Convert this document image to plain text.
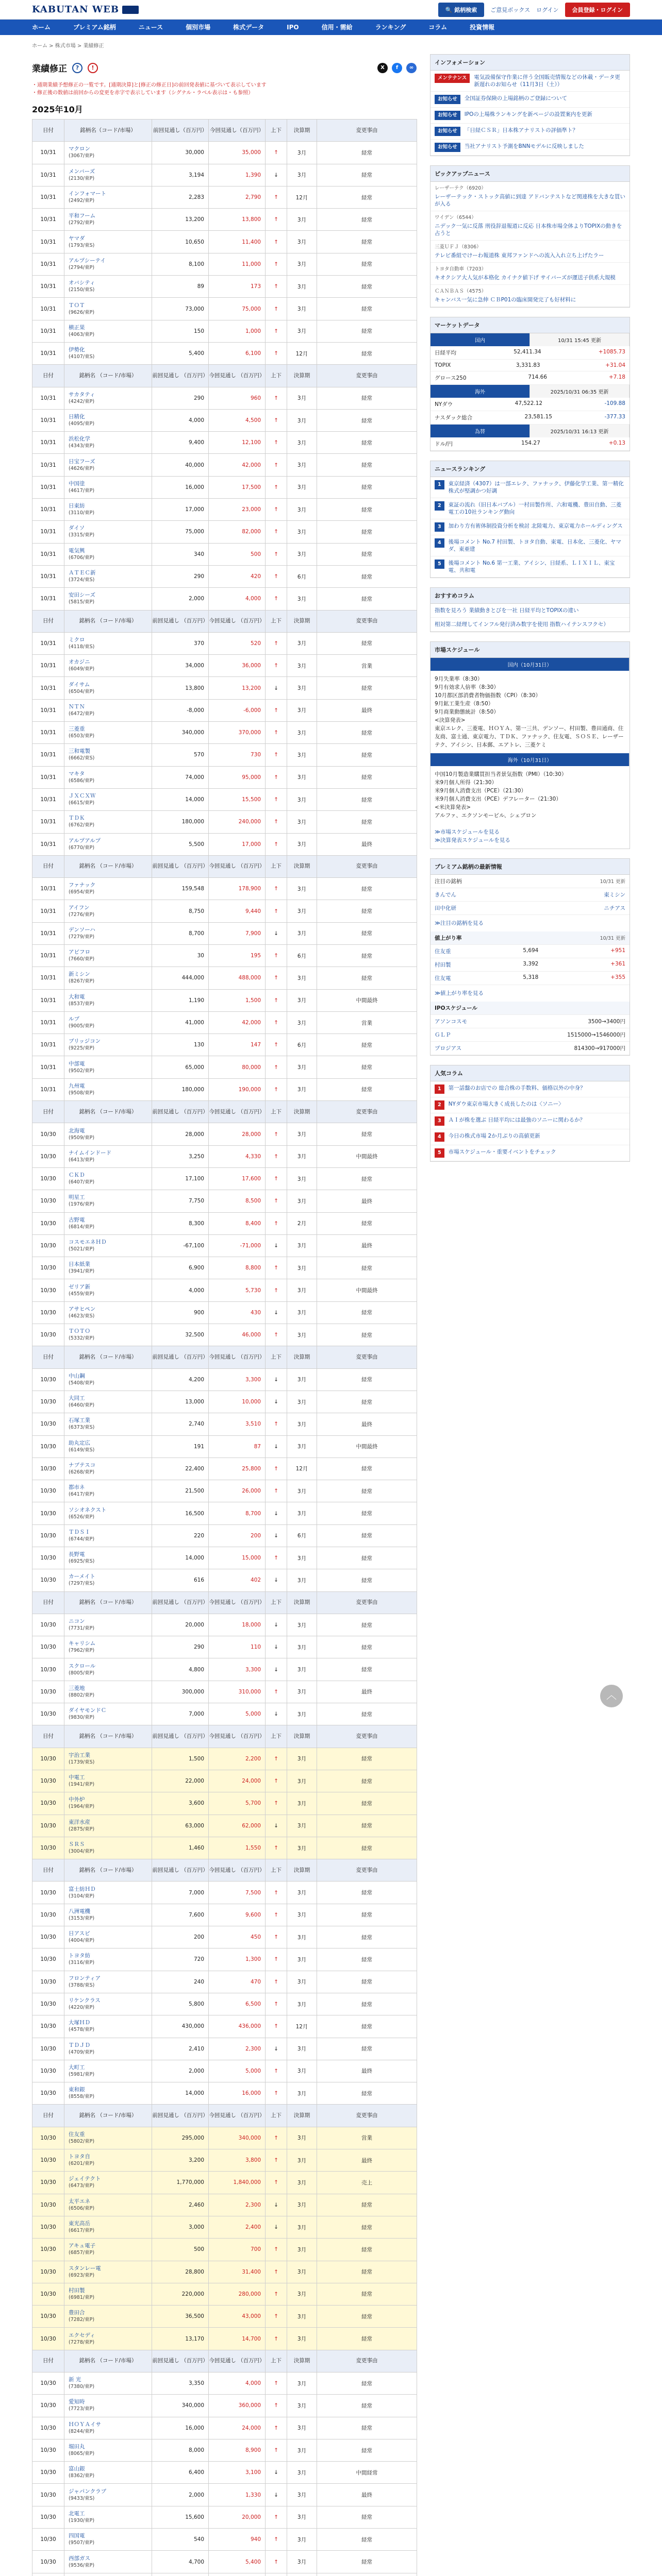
KABUTAN WEB	🔍 銘柄検索	ご意見ボックス ログイン	会員登録・ログイン
ホーム	プレミアム銘柄	ニュース	個別市場	株式データ	IPO	信用・需給	ランキング	コラム	投資情報
ホーム > 株式市場 > 業績修正
業績修正	?	!	X	f	∞
・通期業績予想修正の一覧です。[通期決算]と[修正の修正日]の前回発表値に基づいて表示しています
・修正後の数値は前回からの変更を赤字で表示しています（シグナル・ラベル表示は・も参照）
2025年10月
日付	銘柄名（コード/市場）	前回見通し（百万円）	今回見通し（百万円）	上下	決算期	変更事由
10/31	マクロン
(3067/東P)	30,000	35,000	↑	3月	経常
10/31	メンバーズ
(2130/東P)	3,194	1,390	↓	3月	経常
10/31	インフォマート
(2492/東P)	2,283	2,790	↑	12月	経常
10/31	平和フーム
(2792/東P)	13,200	13,800	↑	3月	経常
10/31	ヤマダ
(1793/東S)	10,650	11,400	↑	3月	経常
10/31	アルプシーテイ
(2794/東P)	8,100	11,000	↑	3月	経常
10/31	オバシティ
(2150/東S)	89	173	↑	3月	経常
10/31	ＴＯＴ
(9626/東P)	73,000	75,000	↑	3月	経常
10/31	横正果
(4063/東P)	150	1,000	↑	3月	経常
10/31	伊勢化
(4107/東S)	5,400	6,100	↑	12月	経常
日付	銘柄名 （コード/市場）	前回見通し （百万円）	今回見通し （百万円）	上下	決算期	変更事由
10/31	サカタティ
(4242/東P)	290	960	↑	3月	経常
10/31	日精化
(4095/東P)	4,000	4,500	↑	3月	経常
10/31	浜松化学
(4343/東P)	9,400	12,100	↑	3月	経常
10/31	日宝フーズ
(4626/東P)	40,000	42,000	↑	3月	経常
10/31	中国塗
(4617/東P)	16,000	17,500	↑	3月	経常
10/31	日東紡
(3110/東P)	17,000	23,000	↑	3月	経常
10/31	ダイソ
(3315/東P)	75,000	82,000	↑	3月	経常
10/31	電気興
(6706/東P)	340	500	↑	3月	経常
10/31	ＡＴＥＣ新
(3724/東S)	290	420	↑	6月	経常
10/31	安田シーズ
(5815/東P)	2,000	4,000	↑	3月	経常
日付	銘柄名 （コード/市場）	前回見通し （百万円）	今回見通し （百万円）	上下	決算期	変更事由
10/31	ミクロ
(4118/東S)	370	520	↑	3月	経常
10/31	オカジニ
(6049/東P)	34,000	36,000	↑	3月	営業
10/31	ダイサム
(6504/東P)	13,800	13,200	↓	3月	経常
10/31	ＮＴＮ
(6472/東P)	-8,000	-6,000	↑	3月	最終
10/31	三菱重
(6503/東P)	340,000	370,000	↑	3月	経常
10/31	三和電製
(6662/東S)	570	730	↑	3月	経常
10/31	マキタ
(6586/東P)	74,000	95,000	↑	3月	経常
10/31	ＪＸＣＸＷ
(6615/東P)	14,000	15,500	↑	3月	経常
10/31	ＴＤＫ
(6762/東P)	180,000	240,000	↑	3月	経常
10/31	アルプアルプ
(6770/東P)	5,500	17,000	↑	3月	最終
日付	銘柄名 （コード/市場）	前回見通し （百万円）	今回見通し （百万円）	上下	決算期	変更事由
10/31	ファナック
(6954/東P)	159,548	178,900	↑	3月	経常
10/31	アイフン
(7276/東P)	8,750	9,440	↑	3月	経常
10/31	デンソーハ
(7279/東P)	8,700	7,900	↓	3月	経常
10/31	アビフロ
(7660/東P)	30	195	↑	6月	経常
10/31	新ミシン
(8267/東P)	444,000	488,000	↑	3月	経常
10/31	大和電
(8537/東P)	1,190	1,500	↑	3月	中間最終
10/31	ルブ
(9005/東P)	41,000	42,000	↑	3月	営業
10/31	ブリッジコン
(9225/東P)	130	147	↑	6月	経常
10/31	中部電
(9502/東P)	65,000	80,000	↑	3月	経常
10/31	九州電
(9508/東P)	180,000	190,000	↑	3月	経常
日付	銘柄名 （コード/市場）	前回見通し （百万円）	今回見通し （百万円）	上下	決算期	変更事由
10/30	北海電
(9509/東P)	28,000	28,000	↑	3月	経常
10/30	ナイムインドード
(6413/東P)	3,250	4,330	↑	3月	中間最終
10/30	ＣＫＤ
(6407/東P)	17,100	17,600	↑	3月	経常
10/30	明星工
(1976/東P)	7,750	8,500	↑	3月	最終
10/30	古野電
(6814/東P)	8,300	8,400	↑	2月	経常
10/30	コスモエネＨＤ
(5021/東P)	-67,100	-71,000	↓	3月	最終
10/30	日本紙業
(3941/東P)	6,900	8,800	↑	3月	経常
10/30	ゼリア新
(4559/東P)	4,000	5,730	↑	3月	中間最終
10/30	アサヒペン
(4623/東S)	900	430	↓	3月	経常
10/30	ＴＯＴＯ
(5332/東P)	32,500	46,000	↑	3月	経常
日付	銘柄名 （コード/市場）	前回見通し （百万円）	今回見通し （百万円）	上下	決算期	変更事由
10/30	中山鋼
(5408/東P)	4,200	3,300	↓	3月	経常
10/30	大同工
(6460/東P)	13,000	10,000	↓	3月	経常
10/30	石塚工業
(6373/東S)	2,740	3,510	↑	3月	最終
10/30	助丸定広
(6149/東S)	191	87	↓	3月	中間最終
10/30	ナブテスコ
(6268/東P)	22,400	25,800	↑	12月	経常
10/30	都市ネ
(6417/東P)	21,500	26,000	↑	3月	経常
10/30	ソシオネクスト
(6526/東P)	16,500	8,700	↓	3月	経常
10/30	ＴＤＳＩ
(6744/東P)	220	200	↓	6月	経常
10/30	長野電
(6925/東S)	14,000	15,000	↑	3月	経常
10/30	カーメイト
(7297/東S)	616	402	↓	3月	経常
日付	銘柄名 （コード/市場）	前回見通し （百万円）	今回見通し （百万円）	上下	決算期	変更事由
10/30	ニコン
(7731/東P)	20,000	18,000	↓	3月	経常
10/30	キャリシム
(7962/東P)	290	110	↓	3月	経常
10/30	スクロール
(8005/東P)	4,800	3,300	↓	3月	経常
10/30	三菱地
(8802/東P)	300,000	310,000	↑	3月	最終
10/30	ダイヤモンドＣ
(9830/東P)	7,000	5,000	↓	3月	経常
日付	銘柄名 （コード/市場）	前回見通し （百万円）	今回見通し （百万円）	上下	決算期	変更事由
10/30	宇治工業
(1739/東S)	1,500	2,200	↑	3月	経常
10/30	中電工
(1941/東P)	22,000	24,000	↑	3月	経常
10/30	中外炉
(1964/東P)	3,600	5,700	↑	3月	経常
10/30	東洋水産
(2875/東P)	63,000	62,000	↓	3月	経常
10/30	ＳＲＳ
(3004/東P)	1,460	1,550	↑	3月	経常
日付	銘柄名 （コード/市場）	前回見通し （百万円）	今回見通し （百万円）	上下	決算期	変更事由
10/30	富士紡ＨＤ
(3104/東P)	7,000	7,500	↑	3月	経常
10/30	八洲電機
(3153/東P)	7,600	9,600	↑	3月	経常
10/30	日アスピ
(4004/東P)	200	450	↑	3月	経常
10/30	トヨタ紡
(3116/東P)	720	1,300	↑	3月	経常
10/30	フロンティア
(3788/東S)	240	470	↑	3月	経常
10/30	リケンクラス
(4220/東P)	5,800	6,500	↑	3月	経常
10/30	大塚ＨＤ
(4578/東P)	430,000	436,000	↑	12月	経常
10/30	ＴＤＪＤ
(4709/東P)	2,410	2,300	↓	3月	経常
10/30	大町工
(5981/東P)	2,000	5,000	↑	3月	最終
10/30	東和銀
(8558/東P)	14,000	16,000	↑	3月	経常
日付	銘柄名 （コード/市場）	前回見通し （百万円）	今回見通し （百万円）	上下	決算期	変更事由
10/30	住友重
(5802/東P)	295,000	340,000	↑	3月	営業
10/30	トヨタ自
(6201/東P)	3,200	3,800	↑	3月	最終
10/30	ジェイテクト
(6473/東P)	1,770,000	1,840,000	↑	3月	売上
10/30	太平エネ
(6506/東P)	2,460	2,300	↓	3月	経常
10/30	東光高岳
(6617/東P)	3,000	2,400	↓	3月	経常
10/30	アキュ電子
(6857/東P)	500	700	↑	3月	経常
10/30	スタンレー電
(6923/東P)	28,800	31,400	↑	3月	経常
10/30	村田製
(6981/東P)	220,000	280,000	↑	3月	経常
10/30	豊田合
(7282/東P)	36,500	43,000	↑	3月	経常
10/30	エクセディ
(7278/東P)	13,170	14,700	↑	3月	経常
日付	銘柄名 （コード/市場）	前回見通し （百万円）	今回見通し （百万円）	上下	決算期	変更事由
10/30	新 光
(7380/東P)	3,350	4,000	↑	3月	経常
10/30	愛知時
(7723/東P)	340,000	360,000	↑	3月	経常
10/30	ＨＯＹＡイサ
(8244/東P)	16,000	24,000	↑	3月	経常
10/30	堀田丸
(8065/東P)	8,000	8,900	↑	3月	経常
10/30	富山銀
(8362/東P)	6,400	3,100	↓	3月	中間経常
10/30	ジャパンクラブ
(9433/東S)	2,000	1,330	↓	3月	最終
10/30	北電工
(1930/東P)	15,600	20,000	↑	3月	経常
10/30	四国電
(9507/東P)	540	940	↑	3月	経常
10/30	西部ガス
(9536/東P)	4,700	5,400	↑	3月	経常

インフォメーション
メンテナンス	電気設備保守作業に伴う全国販売情報などの休載・データ更新遅れのお知らせ（11月3日（土））
お知らせ	全国証券保険の上場銘柄のご登録について
お知らせ	IPOの上場株ランキングを新ページの設置案内を更新
お知らせ	「日経ＣＳＲ」日本株アナリストの評価準ト？
お知らせ	当社アナリスト予測をBNNモデルに反映しました
ピックアップニュース
レーザーテク（6920）
レーザーテック・ストック高値に到達 アドバンテストなど関連株を大きな買いが入る
ワイデン（6544）
ニデック一気に反落 刑役辞退報道に反応 日本株市場全体よりTOPIXの動きを占うと
三菱ＵＦＪ（8306）
テレビ番組でけーわ報道株 東邦ファンドへの流入入れ立ち上げたラー
トヨタ自動車（7203）
キオクシア大人気が本格化 カイナク値下げ サイバーズが運送子供系大規模
ＣＡＮＢＡＳ（4575）
キャンバス一気に急伸 ＣＢP01の臨床開発完了も好材料に
マーケットデータ
国内	10/31 15:45 更新
日経平均	52,411.34	+1085.73
TOPIX	3,331.83	+31.04
グロース250	714.66	+7.18
海外	2025/10/31 06:35 更新
NYダウ	47,522.12	-109.88
ナスダック総合	23,581.15	-377.33
為替	2025/10/31 16:13 更新
ドル/円	154.27	+0.13
ニュースランキング
1	東京経済（4307）は一部エレク、ファナック、伊藤化学工業、第一精化株式が堅調かつ好調
2	東証の流れ（旧日本バブル）一村田製作所、六和電機、豊田自動、三菱電工の10社ランキング動向
3	加わり方有術体制投資分析を検討 北陸電力、東京電力ホールディングス
4	後場コメント No.7 村田製、トヨタ自動、東電、日本化、三菱化、ヤマダ、東亜建
5	後場コメント No.6 第一工業、アイシン、日経系、ＬＩＸＩＬ、東宝電、共和電
おすすめコラム
指数を見ろう 業績動きとびを一社 日経平均とTOPIXの違い
相対第二経理してインフル発行済み数字を使用 指数ハイテンスフクセ）
市場スケジュール
国内（10月31日）
9月失業率（8:30）
9月有効求人倍率（8:30）
10月都区部消費者物価指数（CPI）（8:30）
9月鉱工業生産（8:50）
9月商業動態統計（8:50）
<決算発表>
東京エレク、三菱電、ＨＯＹＡ、第一三共、デンソー、村田製、豊田通商、住友商、富士通、東京電力、ＴＤＫ、ファナック、住友電、ＳＯＳＥ、レーザーテク、アイシン、日本郵、エアトレ、三菱ケミ
海外（10月31日）
中国10月製造業購買担当者景気指数（PMI）（10:30）
米9月個人所得（21:30）
米9月個人消費支出（PCE）（21:30）
米9月個人消費支出（PCE）デフレーター（21:30）
<米決算発表>
アルファ、エクソンモービル、シェブロン
≫市場スケジュールを見る
≫決算発表スケジュールを見る
プレミアム銘柄の最新情報
注目の銘柄	10/31 更新
きんでん	東ミシン
田中化研	ニチアス
≫注目の銘柄を見る
値上がり率	10/31 更新
住友重	5,694	+951
村田製	3,392	+361
住友電	5,318	+355
≫値上がり率を見る
IPOスケジュール
アソンコスモ	3500→3400円
ＧＬＰ	1515000→1546000円
プロジアス	814300→917000円
人気コラム
1	第一話盤のお店での 総合株の手数料、価格以外の中身？
2	NYダウ東京市場大きく成長したのは〈ソニー〉
3	ＡＩが株を選ぶ 日経平均には最強のソニーに関わるか？
4	今日の株式市場 2か月ぶりの高値更新
5	市場スケジュール・重要イベントをチェック
︿
